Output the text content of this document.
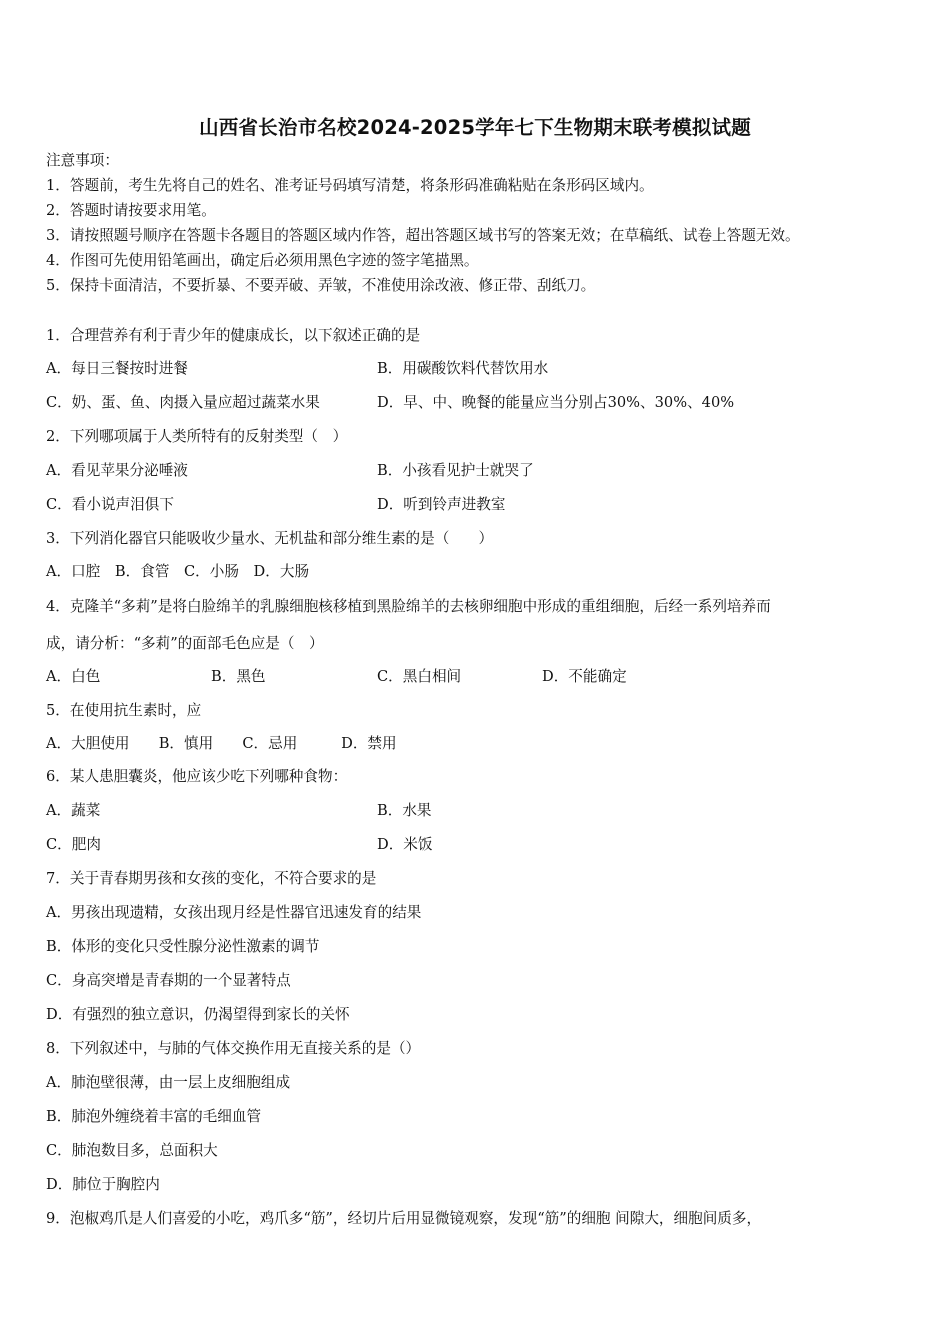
山西省长治市名校2024-2025学年七下生物期末联考模拟试题
注意事项：
1．答题前，考生先将自己的姓名、准考证号码填写清楚，将条形码准确粘贴在条形码区域内。
2．答题时请按要求用笔。
3．请按照题号顺序在答题卡各题目的答题区域内作答，超出答题区域书写的答案无效；在草稿纸、试卷上答题无效。
4．作图可先使用铅笔画出，确定后必须用黑色字迹的签字笔描黑。
5．保持卡面清洁，不要折暴、不要弄破、弄皱，不准使用涂改液、修正带、刮纸刀。
1．合理营养有利于青少年的健康成长，以下叙述正确的是
A．每日三餐按时进餐	B．用碳酸饮料代替饮用水
C．奶、蛋、鱼、肉摄入量应超过蔬菜水果	D．早、中、晚餐的能量应当分别占30%、30%、40%
2．下列哪项属于人类所特有的反射类型（　）
A．看见苹果分泌唾液	B．小孩看见护士就哭了
C．看小说声泪俱下	D．听到铃声进教室
3．下列消化器官只能吸收少量水、无机盐和部分维生素的是（　　）
A．口腔　B．食管　C．小肠　D．大肠
4．克隆羊“多莉”是将白脸绵羊的乳腺细胞核移植到黑脸绵羊的去核卵细胞中形成的重组细胞，后经一系列培养而
成，请分析：“多莉”的面部毛色应是（　）
A．白色	B．黑色	C．黑白相间	D．不能确定
5．在使用抗生素时，应
A．大胆使用　　B．慎用　　C．忌用　　　D．禁用
6．某人患胆囊炎，他应该少吃下列哪种食物：
A．蔬菜	B．水果
C．肥肉	D．米饭
7．关于青春期男孩和女孩的变化，不符合要求的是
A．男孩出现遗精，女孩出现月经是性器官迅速发育的结果
B．体形的变化只受性腺分泌性激素的调节
C．身高突增是青春期的一个显著特点
D．有强烈的独立意识，仍渴望得到家长的关怀
8．下列叙述中，与肺的气体交换作用无直接关系的是（）
A．肺泡壁很薄，由一层上皮细胞组成
B．肺泡外缠绕着丰富的毛细血管
C．肺泡数目多，总面积大
D．肺位于胸腔内
9．泡椒鸡爪是人们喜爱的小吃，鸡爪多“筋”，经切片后用显微镜观察，发现“筋”的细胞 间隙大，细胞间质多，
